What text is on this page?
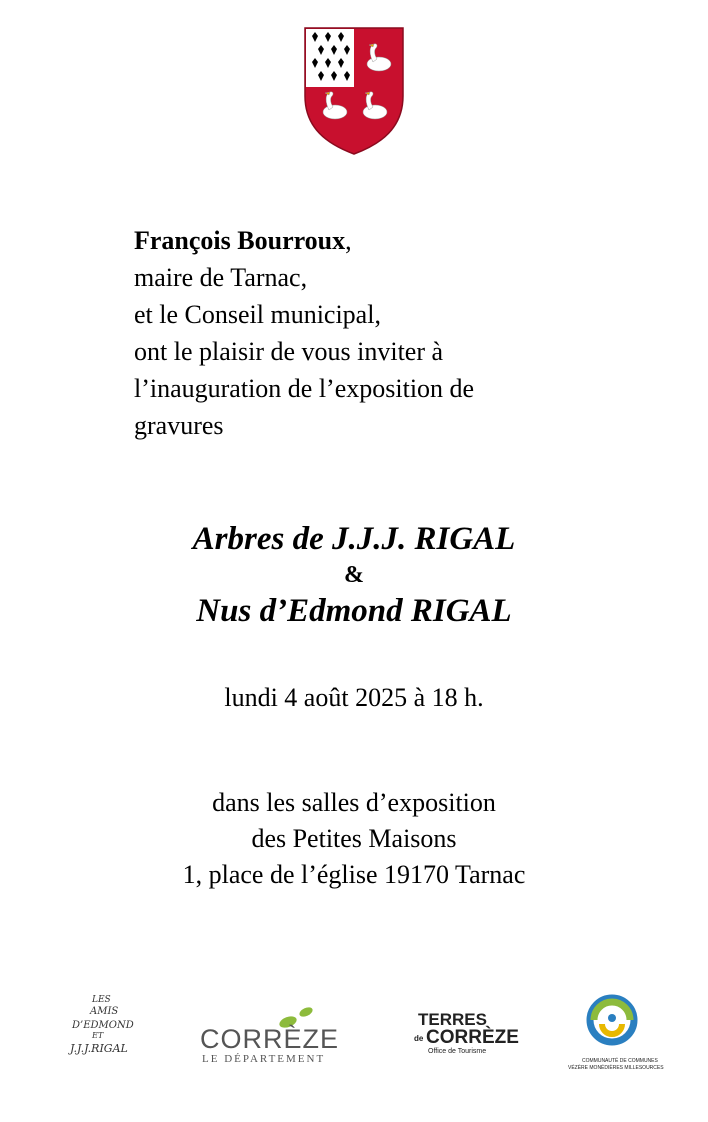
François Bourroux,
maire de Tarnac,
et le Conseil municipal,
ont le plaisir de vous inviter à
l’inauguration de l’exposition de
gravures
Arbres de J.J.J. RIGAL
&
Nus d’Edmond RIGAL
lundi 4 août 2025 à 18 h.
dans les salles d’exposition
des Petites Maisons
1, place de l’église 19170 Tarnac
LES
AMIS
D’EDMOND
ET
J.J.J.RIGAL	CORRÈZE
LE DÉPARTEMENT
TERRES
de CORRÈZE
Office de Tourisme
COMMUNAUTÉ DE COMMUNES
VÉZÈRE MONÉDIÈRES MILLESOURCES
